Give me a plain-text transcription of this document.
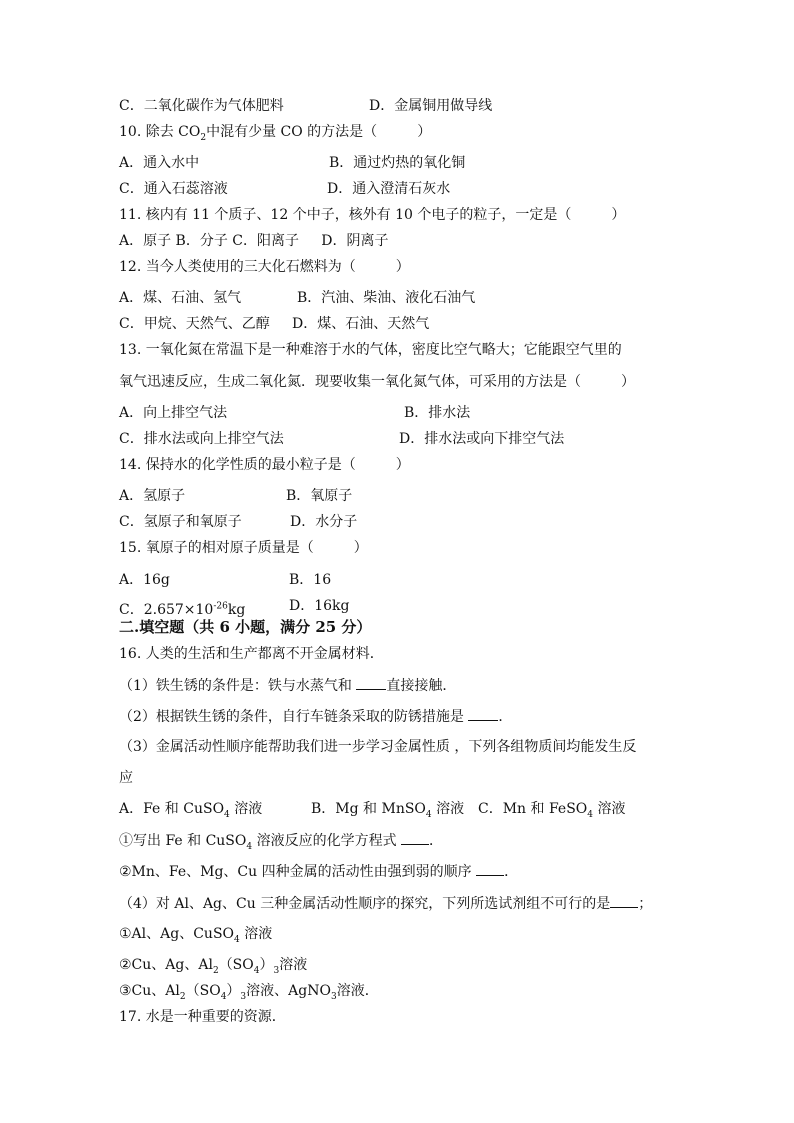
C．二氧化碳作为气体肥料	D．金属铜用做导线
10. 除去 $CO_2$中混有少量 CO 的方法是（	）
A．通入水中	B．通过灼热的氧化铜
C．通入石蕊溶液	D．通入澄清石灰水
11. 核内有 11 个质子、12 个中子，核外有 10 个电子的粒子，一定是（	）
A．原子 B．分子 C．阳离子     D．阴离子
12. 当今人类使用的三大化石燃料为（	）
A．煤、石油、氢气	B．汽油、柴油、液化石油气
C．甲烷、天然气、乙醇 D．煤、石油、天然气
13. 一氧化氮在常温下是一种难溶于水的气体，密度比空气略大；它能跟空气里的
氧气迅速反应，生成二氧化氮．现要收集一氧化氮气体，可采用的方法是（	）
A．向上排空气法	B．排水法
C．排水法或向上排空气法	D．排水法或向下排空气法
14. 保持水的化学性质的最小粒子是（	）
A．氢原子	B．氧原子
C．氢原子和氧原子	D．水分子
15. 氧原子的相对原子质量是（	）
A．16g	B．16
C．$2.657\times 10^{-26}kg$	D．16kg
二.填空题（共 6 小题，满分 25 分）
16. 人类的生活和生产都离不开金属材料．
（1）铁生锈的条件是：铁与水蒸气和 直接接触．
（2）根据铁生锈的条件，自行车链条采取的防锈措施是 ．
（3）金属活动性顺序能帮助我们进一步学习金属性质 ，下列各组物质间均能发生反
应
A．Fe 和 CuSO$_4$ 溶液	B．Mg 和 MnSO$_4$ 溶液 C．Mn 和 FeSO$_4$ 溶液
①写出 Fe 和 CuSO$_4$ 溶液反应的化学方程式 ．
②Mn、Fe、Mg、Cu 四种金属的活动性由强到弱的顺序 ．
（4）对 Al、Ag、Cu 三种金属活动性顺序的探究，下列所选试剂组不可行的是 ；
①Al、Ag、CuSO$_4$ 溶液
②Cu、Ag、$Al_2(SO_4)_3$溶液
③Cu、$Al_2(SO_4)_3$溶液、AgNO$_3$溶液．
17. 水是一种重要的资源．
